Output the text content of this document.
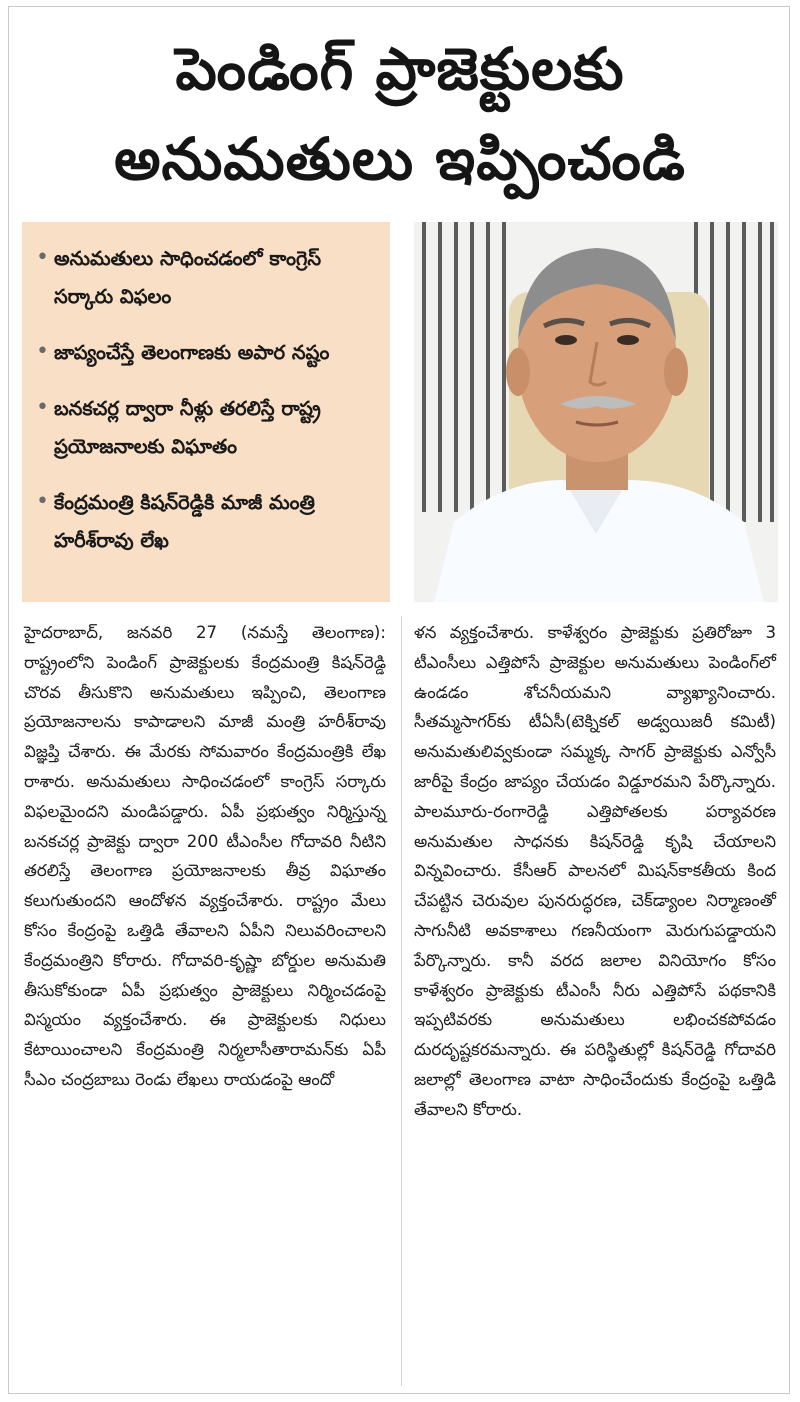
పెండింగ్ ప్రాజెక్టులకు
అనుమతులు ఇప్పించండి
• అనుమతులు సాధించడంలో కాంగ్రెస్ సర్కారు విఫలం
• జాప్యంచేస్తే తెలంగాణకు అపార నష్టం
• బనకచర్ల ద్వారా నీళ్లు తరలిస్తే రాష్ట్ర ప్రయోజనాలకు విఘాతం
• కేంద్రమంత్రి కిషన్‌రెడ్డికి మాజీ మంత్రి హరీశ్‌రావు లేఖ
హైదరాబాద్, జనవరి 27 (నమస్తే తెలంగాణ): రాష్ట్రంలోని పెండింగ్ ప్రాజెక్టులకు కేంద్రమంత్రి కిషన్‌రెడ్డి చొరవ తీసుకొని అనుమతులు ఇప్పించి, తెలంగాణ ప్రయోజనాలను కాపాడాలని మాజీ మంత్రి హరీశ్‌రావు విజ్ఞప్తి చేశారు. ఈ మేరకు సోమవారం కేంద్రమంత్రికి లేఖ రాశారు. అనుమతులు సాధించడంలో కాంగ్రెస్ సర్కారు విఫలమైందని మండిపడ్డారు. ఏపీ ప్రభుత్వం నిర్మిస్తున్న బనకచర్ల ప్రాజెక్టు ద్వారా 200 టీఎంసీల గోదావరి నీటిని తరలిస్తే తెలంగాణ ప్రయోజనాలకు తీవ్ర విఘాతం కలుగుతుందని ఆందోళన వ్యక్తంచేశారు. రాష్ట్రం మేలు కోసం కేంద్రంపై ఒత్తిడి తేవాలని ఏపీని నిలువరించాలని కేంద్రమంత్రిని కోరారు. గోదావరి-కృష్ణా బోర్డుల అనుమతి తీసుకోకుండా ఏపీ ప్రభుత్వం ప్రాజెక్టులు నిర్మించడంపై విస్మయం వ్యక్తంచేశారు. ఈ ప్రాజెక్టులకు నిధులు కేటాయించాలని కేంద్రమంత్రి నిర్మలాసీతారామన్‌కు ఏపీ సీఎం చంద్రబాబు రెండు లేఖలు రాయడంపై ఆందో
ళన వ్యక్తంచేశారు. కాళేశ్వరం ప్రాజెక్టుకు ప్రతిరోజూ 3 టీఎంసీలు ఎత్తిపోసే ప్రాజెక్టుల అనుమతులు పెండింగ్‌లో ఉండడం శోచనీయమని వ్యాఖ్యానించారు. సీతమ్మసాగర్‌కు టీఏసీ(టెక్నికల్ అడ్వయిజరీ కమిటీ) అనుమతులివ్వకుండా సమ్మక్క సాగర్ ప్రాజెక్టుకు ఎన్వోసీ జారీపై కేంద్రం జాప్యం చేయడం విడ్డూరమని పేర్కొన్నారు. పాలమూరు-రంగారెడ్డి ఎత్తిపోతలకు పర్యావరణ అనుమతుల సాధనకు కిషన్‌రెడ్డి కృషి చేయాలని విన్నవించారు. కేసీఆర్ పాలనలో మిషన్‌కాకతీయ కింద చేపట్టిన చెరువుల పునరుద్ధరణ, చెక్‌డ్యాంల నిర్మాణంతో సాగునీటి అవకాశాలు గణనీయంగా మెరుగుపడ్డాయని పేర్కొన్నారు. కానీ వరద జలాల వినియోగం కోసం కాళేశ్వరం ప్రాజెక్టుకు టీఎంసీ నీరు ఎత్తిపోసే పథకానికి ఇప్పటివరకు అనుమతులు లభించకపోవడం దురదృష్టకరమన్నారు. ఈ పరిస్థితుల్లో కిషన్‌రెడ్డి గోదావరి జలాల్లో తెలంగాణ వాటా సాధించేందుకు కేంద్రంపై ఒత్తిడి తేవాలని కోరారు.
